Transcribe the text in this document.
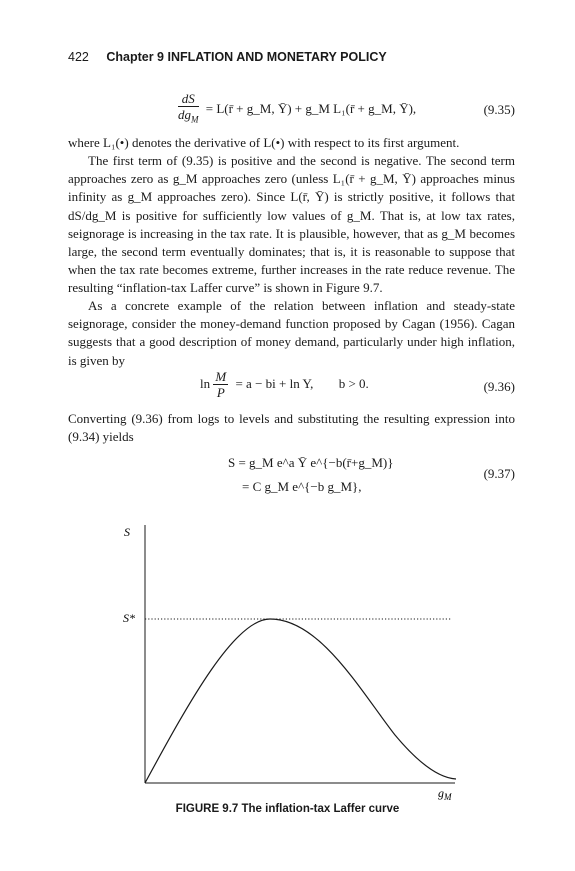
422 Chapter 9 INFLATION AND MONETARY POLICY
$\frac{dS}{dg_M}$ = L(r̄ + g_M, Ȳ) + g_M L₁(r̄ + g_M, Ȳ),	(9.35)

where L₁(•) denotes the derivative of L(•) with respect to its first argument.

The first term of (9.35) is positive and the second is negative. The second term approaches zero as g_M approaches zero (unless L₁(r̄ + g_M, Ȳ) approaches minus infinity as g_M approaches zero). Since L(r̄, Ȳ) is strictly positive, it follows that dS/dg_M is positive for sufficiently low values of g_M. That is, at low tax rates, seignorage is increasing in the tax rate. It is plausible, however, that as g_M becomes large, the second term eventually dominates; that is, it is reasonable to suppose that when the tax rate becomes extreme, further increases in the rate reduce revenue. The resulting “inflation-tax Laffer curve” is shown in Figure 9.7.

As a concrete example of the relation between inflation and steady-state seignorage, consider the money-demand function proposed by Cagan (1956). Cagan suggests that a good description of money demand, particularly under high inflation, is given by

$\ln \frac{M}{P} = a$ − bi + ln Y, b > 0.	(9.36)

Converting (9.36) from logs to levels and substituting the resulting expression into (9.34) yields

S = g_M e^a Ȳ e^{−b(r̄+g_M)}
= C g_M e^{−b g_M},
(9.37)
S
S*
$g_M$
FIGURE 9.7 The inflation-tax Laffer curve
